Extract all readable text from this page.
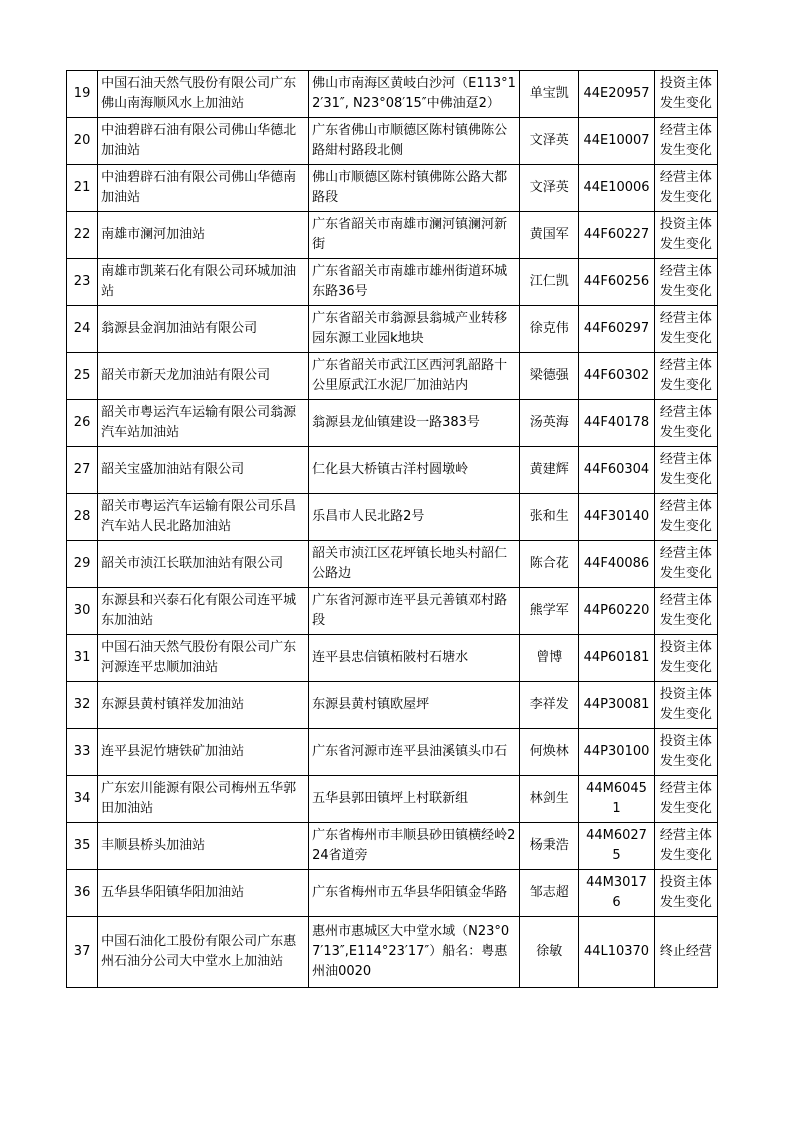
19	中国石油天然气股份有限公司广东佛山南海顺风水上加油站	佛山市南海区黄岐白沙河（E113°12′31″, N23°08′15″中佛油趸2）	单宝凯	44E20957	投资主体发生变化
20	中油碧辟石油有限公司佛山华德北加油站	广东省佛山市顺德区陈村镇佛陈公路紺村路段北侧	文泽英	44E10007	经营主体发生变化
21	中油碧辟石油有限公司佛山华德南加油站	佛山市顺德区陈村镇佛陈公路大都路段	文泽英	44E10006	经营主体发生变化
22	南雄市澜河加油站	广东省韶关市南雄市澜河镇澜河新街	黄国军	44F60227	投资主体发生变化
23	南雄市凯莱石化有限公司环城加油站	广东省韶关市南雄市雄州街道环城东路36号	江仁凯	44F60256	经营主体发生变化
24	翁源县金润加油站有限公司	广东省韶关市翁源县翁城产业转移园东源工业园k地块	徐克伟	44F60297	经营主体发生变化
25	韶关市新天龙加油站有限公司	广东省韶关市武江区西河乳韶路十公里原武江水泥厂加油站内	梁德强	44F60302	经营主体发生变化
26	韶关市粤运汽车运输有限公司翁源汽车站加油站	翁源县龙仙镇建设一路383号	汤英海	44F40178	经营主体发生变化
27	韶关宝盛加油站有限公司	仁化县大桥镇古洋村圆墩岭	黄建辉	44F60304	经营主体发生变化
28	韶关市粤运汽车运输有限公司乐昌汽车站人民北路加油站	乐昌市人民北路2号	张和生	44F30140	经营主体发生变化
29	韶关市浈江长联加油站有限公司	韶关市浈江区花坪镇长地头村韶仁公路边	陈合花	44F40086	经营主体发生变化
30	东源县和兴泰石化有限公司连平城东加油站	广东省河源市连平县元善镇邓村路段	熊学军	44P60220	经营主体发生变化
31	中国石油天然气股份有限公司广东河源连平忠顺加油站	连平县忠信镇柘陂村石塘水	曾博	44P60181	投资主体发生变化
32	东源县黄村镇祥发加油站	东源县黄村镇欧屋坪	李祥发	44P30081	投资主体发生变化
33	连平县泥竹塘铁矿加油站	广东省河源市连平县油溪镇头巾石	何焕林	44P30100	投资主体发生变化
34	广东宏川能源有限公司梅州五华郭田加油站	五华县郭田镇坪上村联新组	林剑生	44M60451	经营主体发生变化
35	丰顺县桥头加油站	广东省梅州市丰顺县砂田镇横经岭224省道旁	杨秉浩	44M60275	经营主体发生变化
36	五华县华阳镇华阳加油站	广东省梅州市五华县华阳镇金华路	邹志超	44M30176	投资主体发生变化
37	中国石油化工股份有限公司广东惠州石油分公司大中堂水上加油站	惠州市惠城区大中堂水域（N23°07′13″,E114°23′17″）船名：粤惠州油0020	徐敏	44L10370	终止经营
